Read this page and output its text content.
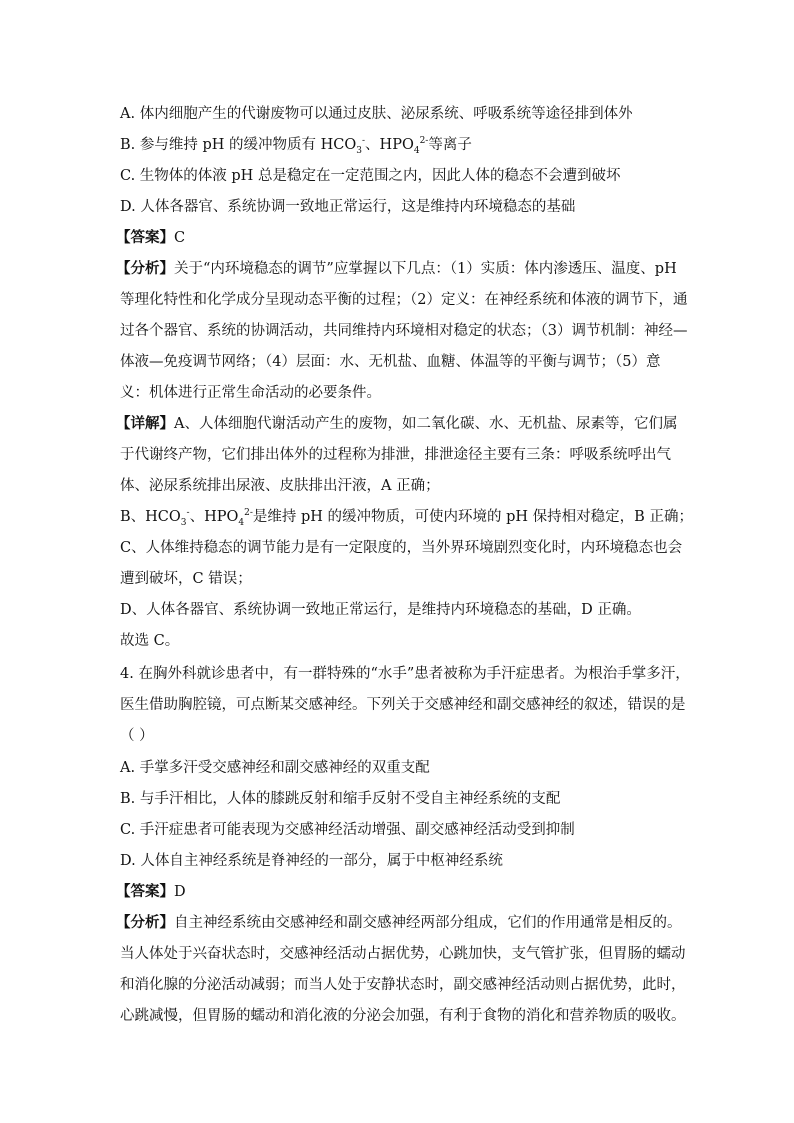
A. 体内细胞产生的代谢废物可以通过皮肤、泌尿系统、呼吸系统等途径排到体外
B. 参与维持 pH 的缓冲物质有 $HCO_3^-$、$HPO_4^{2-}$等离子
C. 生物体的体液 pH 总是稳定在一定范围之内，因此人体的稳态不会遭到破坏
D. 人体各器官、系统协调一致地正常运行，这是维持内环境稳态的基础
【答案】C
【分析】关于“内环境稳态的调节”应掌握以下几点：（1）实质：体内渗透压、温度、pH
等理化特性和化学成分呈现动态平衡的过程；（2）定义：在神经系统和体液的调节下，通
过各个器官、系统的协调活动，共同维持内环境相对稳定的状态；（3）调节机制：神经—
体液—免疫调节网络；（4）层面：水、无机盐、血糖、体温等的平衡与调节；（5）意
义：机体进行正常生命活动的必要条件。
【详解】A、人体细胞代谢活动产生的废物，如二氧化碳、水、无机盐、尿素等，它们属
于代谢终产物，它们排出体外的过程称为排泄，排泄途径主要有三条：呼吸系统呼出气
体、泌尿系统排出尿液、皮肤排出汗液，A 正确；
B、$HCO_3^-$、$HPO_4^{2-}$是维持 pH 的缓冲物质，可使内环境的 pH 保持相对稳定，B 正确；
C、人体维持稳态的调节能力是有一定限度的，当外界环境剧烈变化时，内环境稳态也会
遭到破坏，C 错误；
D、人体各器官、系统协调一致地正常运行，是维持内环境稳态的基础，D 正确。
故选 C。
4. 在胸外科就诊患者中，有一群特殊的“水手”患者被称为手汗症患者。为根治手掌多汗，
医生借助胸腔镜，可点断某交感神经。下列关于交感神经和副交感神经的叙述，错误的是
（ ）
A. 手掌多汗受交感神经和副交感神经的双重支配
B. 与手汗相比，人体的膝跳反射和缩手反射不受自主神经系统的支配
C. 手汗症患者可能表现为交感神经活动增强、副交感神经活动受到抑制
D. 人体自主神经系统是脊神经的一部分，属于中枢神经系统
【答案】D
【分析】自主神经系统由交感神经和副交感神经两部分组成，它们的作用通常是相反的。
当人体处于兴奋状态时，交感神经活动占据优势，心跳加快，支气管扩张，但胃肠的蠕动
和消化腺的分泌活动减弱；而当人处于安静状态时，副交感神经活动则占据优势，此时，
心跳减慢，但胃肠的蠕动和消化液的分泌会加强，有利于食物的消化和营养物质的吸收。
